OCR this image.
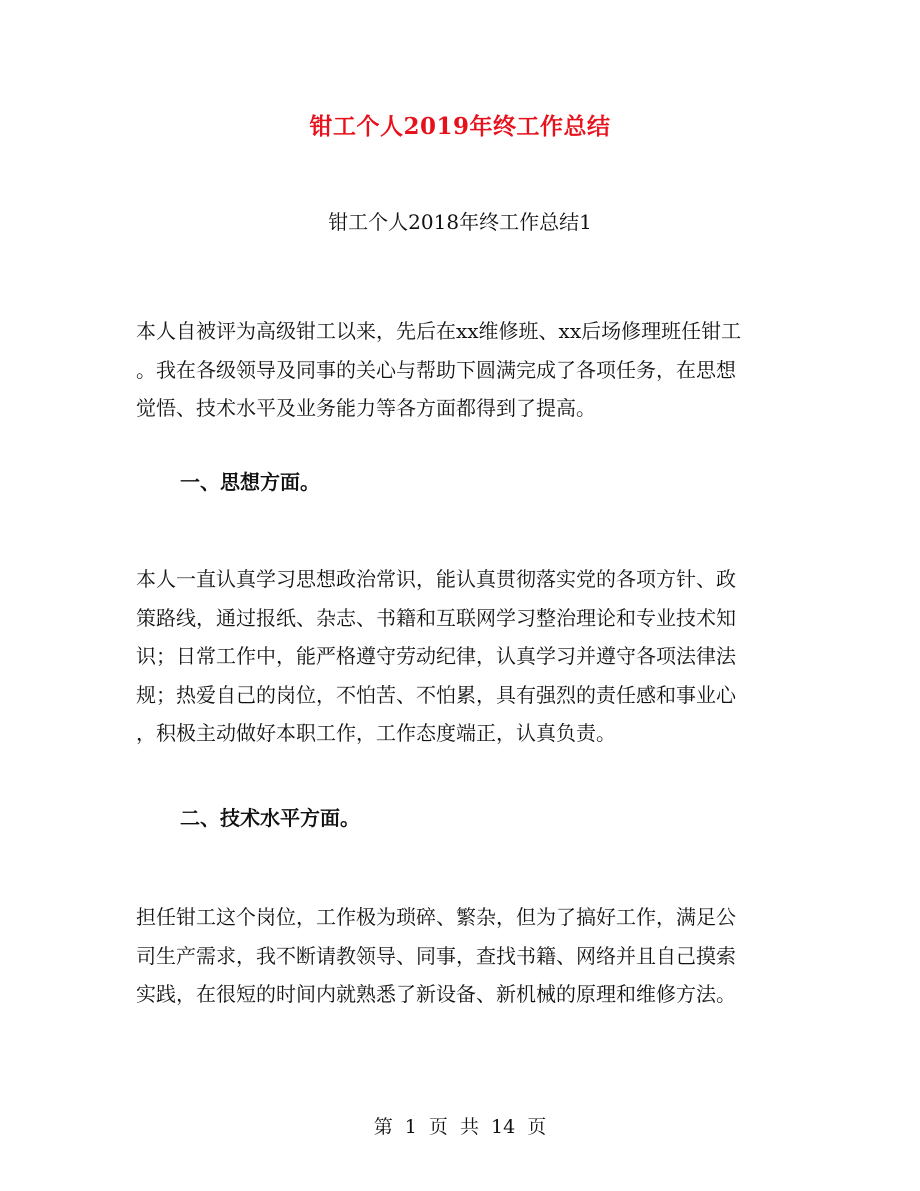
钳工个人2019年终工作总结
钳工个人2018年终工作总结1
本人自被评为高级钳工以来，先后在xx维修班、xx后场修理班任钳工
。我在各级领导及同事的关心与帮助下圆满完成了各项任务，在思想
觉悟、技术水平及业务能力等各方面都得到了提高。
一、思想方面。
本人一直认真学习思想政治常识，能认真贯彻落实党的各项方针、政
策路线，通过报纸、杂志、书籍和互联网学习整治理论和专业技术知
识；日常工作中，能严格遵守劳动纪律，认真学习并遵守各项法律法
规；热爱自己的岗位，不怕苦、不怕累，具有强烈的责任感和事业心
，积极主动做好本职工作，工作态度端正，认真负责。
二、技术水平方面。
担任钳工这个岗位，工作极为琐碎、繁杂，但为了搞好工作，满足公
司生产需求，我不断请教领导、同事，查找书籍、网络并且自己摸索
实践，在很短的时间内就熟悉了新设备、新机械的原理和维修方法。
第 1 页 共 14 页
